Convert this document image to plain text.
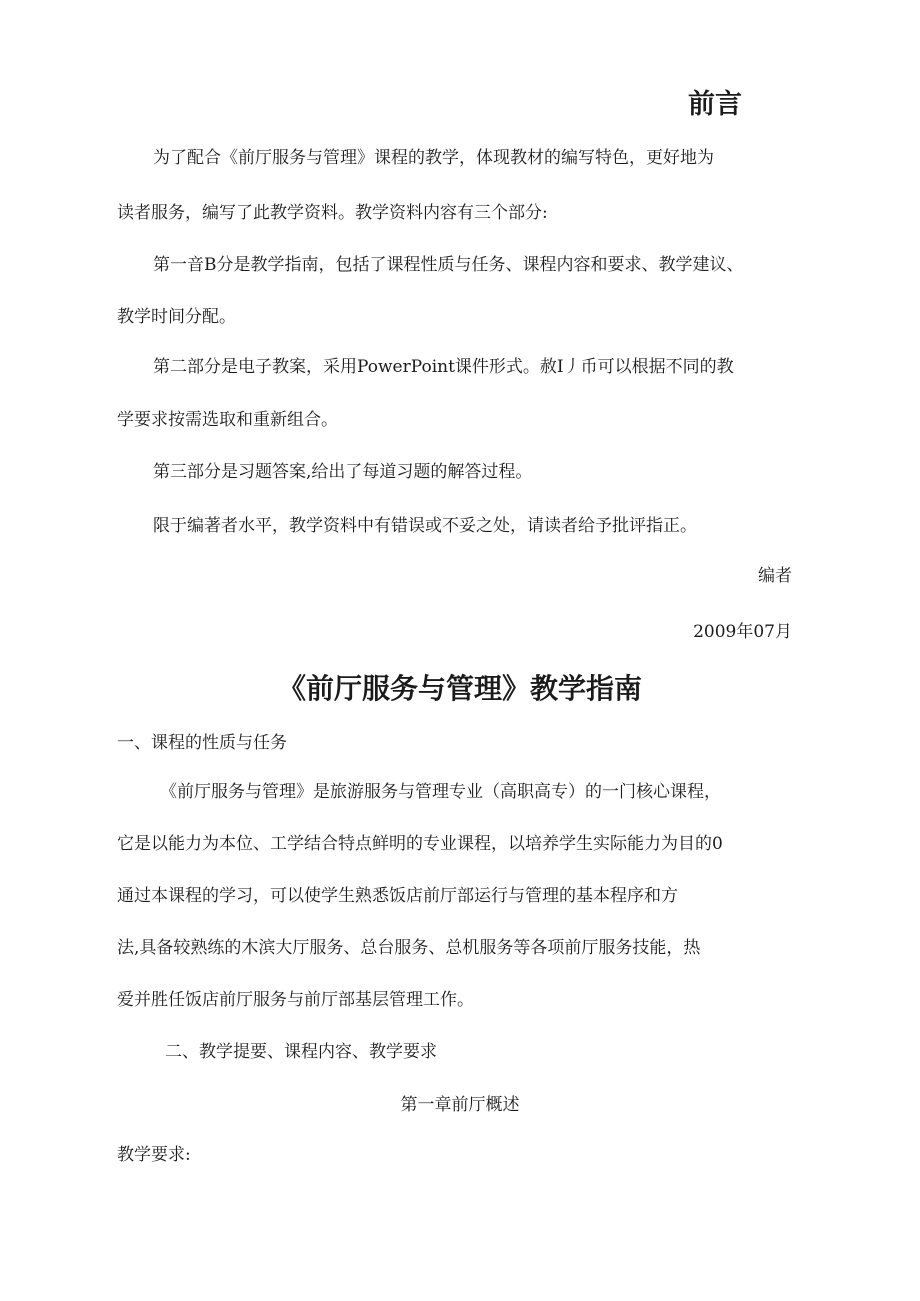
前言

为了配合《前厅服务与管理》课程的教学，体现教材的编写特色，更好地为

读者服务，编写了此教学资料。教学资料内容有三个部分:

第一音B分是教学指南，包括了课程性质与任务、课程内容和要求、教学建议、

教学时间分配。

第二部分是电子教案，采用PowerPoint课件形式。赦I丿币可以根据不同的教

学要求按需选取和重新组合。

第三部分是习题答案,给出了每道习题的解答过程。

限于编著者水平，教学资料中有错误或不妥之处，请读者给予批评指正。

编者

2009年07月

《前厅服务与管理》教学指南
一、课程的性质与任务

《前厅服务与管理》是旅游服务与管理专业（高职高专）的一门核心课程，

它是以能力为本位、工学结合特点鲜明的专业课程，以培养学生实际能力为目的0

通过本课程的学习，可以使学生熟悉饭店前厅部运行与管理的基本程序和方

法,具备较熟练的木滨大厅服务、总台服务、总机服务等各项前厅服务技能，热

爱并胜任饭店前厅服务与前厅部基层管理工作。

二、教学提要、课程内容、教学要求

第一章前厅概述

教学要求:
